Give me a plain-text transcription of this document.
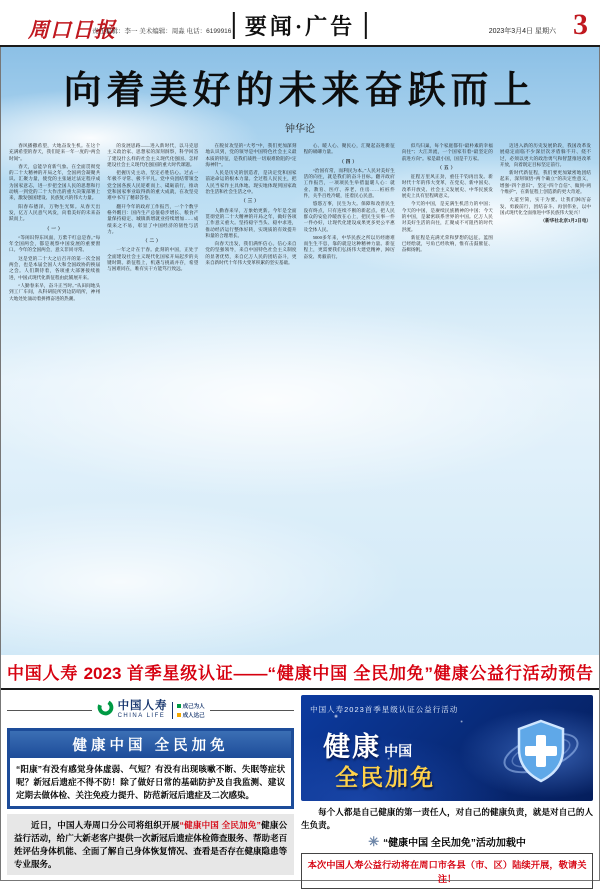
周口日报
责任编辑：李一 美术编辑：周淼 电话：6199916 要闻·广告	2023年3月4日 星期六 3
向着美好的未来奋跃而上
钟华论

春风播撒希望，大地奋发生机。在这个充满希望的春天，我们迎来一年一度的“两会时间”。

春天，总能孕育新气象。在全面贯彻党的二十大精神的开局之年，全国两会凝聚共识、汇聚力量，使党的主张通过法定程序成为国家意志，进一步把全国人民的思想和行动统一到党的二十大作出的重大决策部署上来，激发强国建设、民族复兴的伟大力量。

阳春布德泽，万物生光辉。从春天出发，亿万人民意气风发，向着美好的未来奋跃而上。

（一）

“等闲识得东风面，万紫千红总是春。”每年全国两会，都是观察中国发展的重要窗口。今年的全国两会，意义非同寻常。

这是党的二十大之后召开的第一次全国两会，也是本届全国人大和全国政协的换届之会。人们期待着，各项重大部署接续推进，中国式现代化新征程由此铺展开来。

“人勤春来早，奋斗正当时。”从田间地头到工厂车间，从科研院所到边防哨所，神州大地处处涌动着拼搏奋进的热潮。

的发展思路——进入新时代，以马克思主义政治家、思想家的深刻洞察，科学回答了建设什么样的社会主义现代化强国、怎样建设社会主义现代化强国的重大时代课题。

把握历史主动，坚定必胜信心。过去一年极不寻常、极不平凡。党中央团结带领全党全国各族人民迎难而上、砥砺前行，推动党和国家事业取得新的重大成就，在攻坚克难中书写了精彩答卷。

翻开今年的政府工作报告，一个个数字格外醒目：国内生产总值稳步增长、粮食产量保持稳定、城镇新增就业持续增加……成绩来之不易，彰显了中国经济的韧性与活力。

（二）

一年之计在于春。此刻的中国，正处于全面建设社会主义现代化国家开局起步的关键时期。新征程上，机遇与挑战并存，希望与困难同在，唯有实干方能笃行致远。

在脱贫攻坚的“大考”中，我们更加深刻地认识到，党的领导是中国特色社会主义最本质的特征，是我们战胜一切艰难险阻的“定海神针”。

人民是历史的创造者，是决定党和国家前途命运的根本力量。全过程人民民主，把人民当家作主具体地、现实地体现到国家政治生活和社会生活之中。

（三）

人勤春来早，万象始更新。今年是全面贯彻党的二十大精神的开局之年，做好各项工作意义重大。坚持稳字当头、稳中求进，推动经济运行整体好转，实现质的有效提升和量的合理增长。

向春天出发，我们满怀信心。信心来自党的坚强领导，来自中国特色社会主义制度的显著优势，来自亿万人民的团结奋斗，更来自新时代十年伟大变革积累的坚实基础。

心、暖人心、聚民心，汇聚起奋进新征程的磅礴力量。

（四）

“治国有常，而利民为本。”人民对美好生活的向往，就是我们的奋斗目标。翻开政府工作报告，一项项民生举措温暖人心：就业、教育、医疗、养老、住房……桩桩件件，关乎百姓冷暖，连着民心民意。

悠悠万事，民生为大。保障和改善民生没有终点，只有连续不断的新起点。把人民群众的安危冷暖放在心上，把民生实事一件一件办好，让现代化建设成果更多更公平惠及全体人民。

5000多年来，中华民族之所以历经磨难而生生不息，靠的就是这种精神力量。新征程上，更需要我们弘扬伟大建党精神，踔厉奋发、勇毅前行。

似鸟归巢，每个家庭都有“最朴素的幸福向往”；大江奔流，一个国家有着“最坚定的前进方向”。家是最小国，国是千万家。

（五）

征程万里风正劲，重任千钧再出发。新时代十年的伟大变革，在党史、新中国史、改革开放史、社会主义发展史、中华民族发展史上具有里程碑意义。

今天的中国，是充满生机活力的中国；今天的中国，是赓续民族精神的中国；今天的中国，是紧密联系世界的中国。亿万人民对美好生活的向往，汇聚成不可阻挡的时代洪流。

新征程是充满光荣和梦想的远征。蓝图已经绘就，号角已经吹响，惟有击鼓催征、奋楫扬帆。

迈进入新的历史发展阶段，我国改革发展稳定面临不少深层次矛盾躲不开、绕不过，必须以更大的政治勇气和智慧推进改革开放，向着既定目标坚定前行。

新时代新征程，我们要更加紧密地团结起来，深刻领悟“两个确立”的决定性意义，增强“四个意识”、坚定“四个自信”、做到“两个维护”，在新征程上创造新的更大奇迹。

大道至简，实干为要。让我们踔厉奋发、勇毅前行，团结奋斗、再创伟业，以中国式现代化全面推进中华民族伟大复兴！

（新华社北京3月2日电）

中国人寿 2023 首季星级认证——“健康中国 全民加免”健康公益行活动预告
中国人寿
CHINA LIFE
成己为人
成人达己
健康中国 全民加免
“阳康”有没有感觉身体虚弱、气短？有没有出现咳嗽不断、失眠等症状呢？新冠后遗症不得不防！除了做好日常的基础防护及自我监测、建议定期去做体检、关注免疫力提升、防范新冠后遗症及二次感染。
近日，中国人寿周口分公司将组织开展“健康中国 全民加免”健康公益行活动，给广大新老客户提供一次新冠后遗症体检筛查服务、帮助老百姓评估身体机能、全面了解自己身体恢复情况、查看是否存在健康隐患等专业服务。
中国人寿2023首季星级认证公益行活动
健康 中国
全民加免
每个人都是自己健康的第一责任人，对自己的健康负责，就是对自己的人生负责。
✳ “健康中国 全民加免”活动加载中
本次中国人寿公益行动将在周口市各县（市、区）陆续开展，敬请关注！
